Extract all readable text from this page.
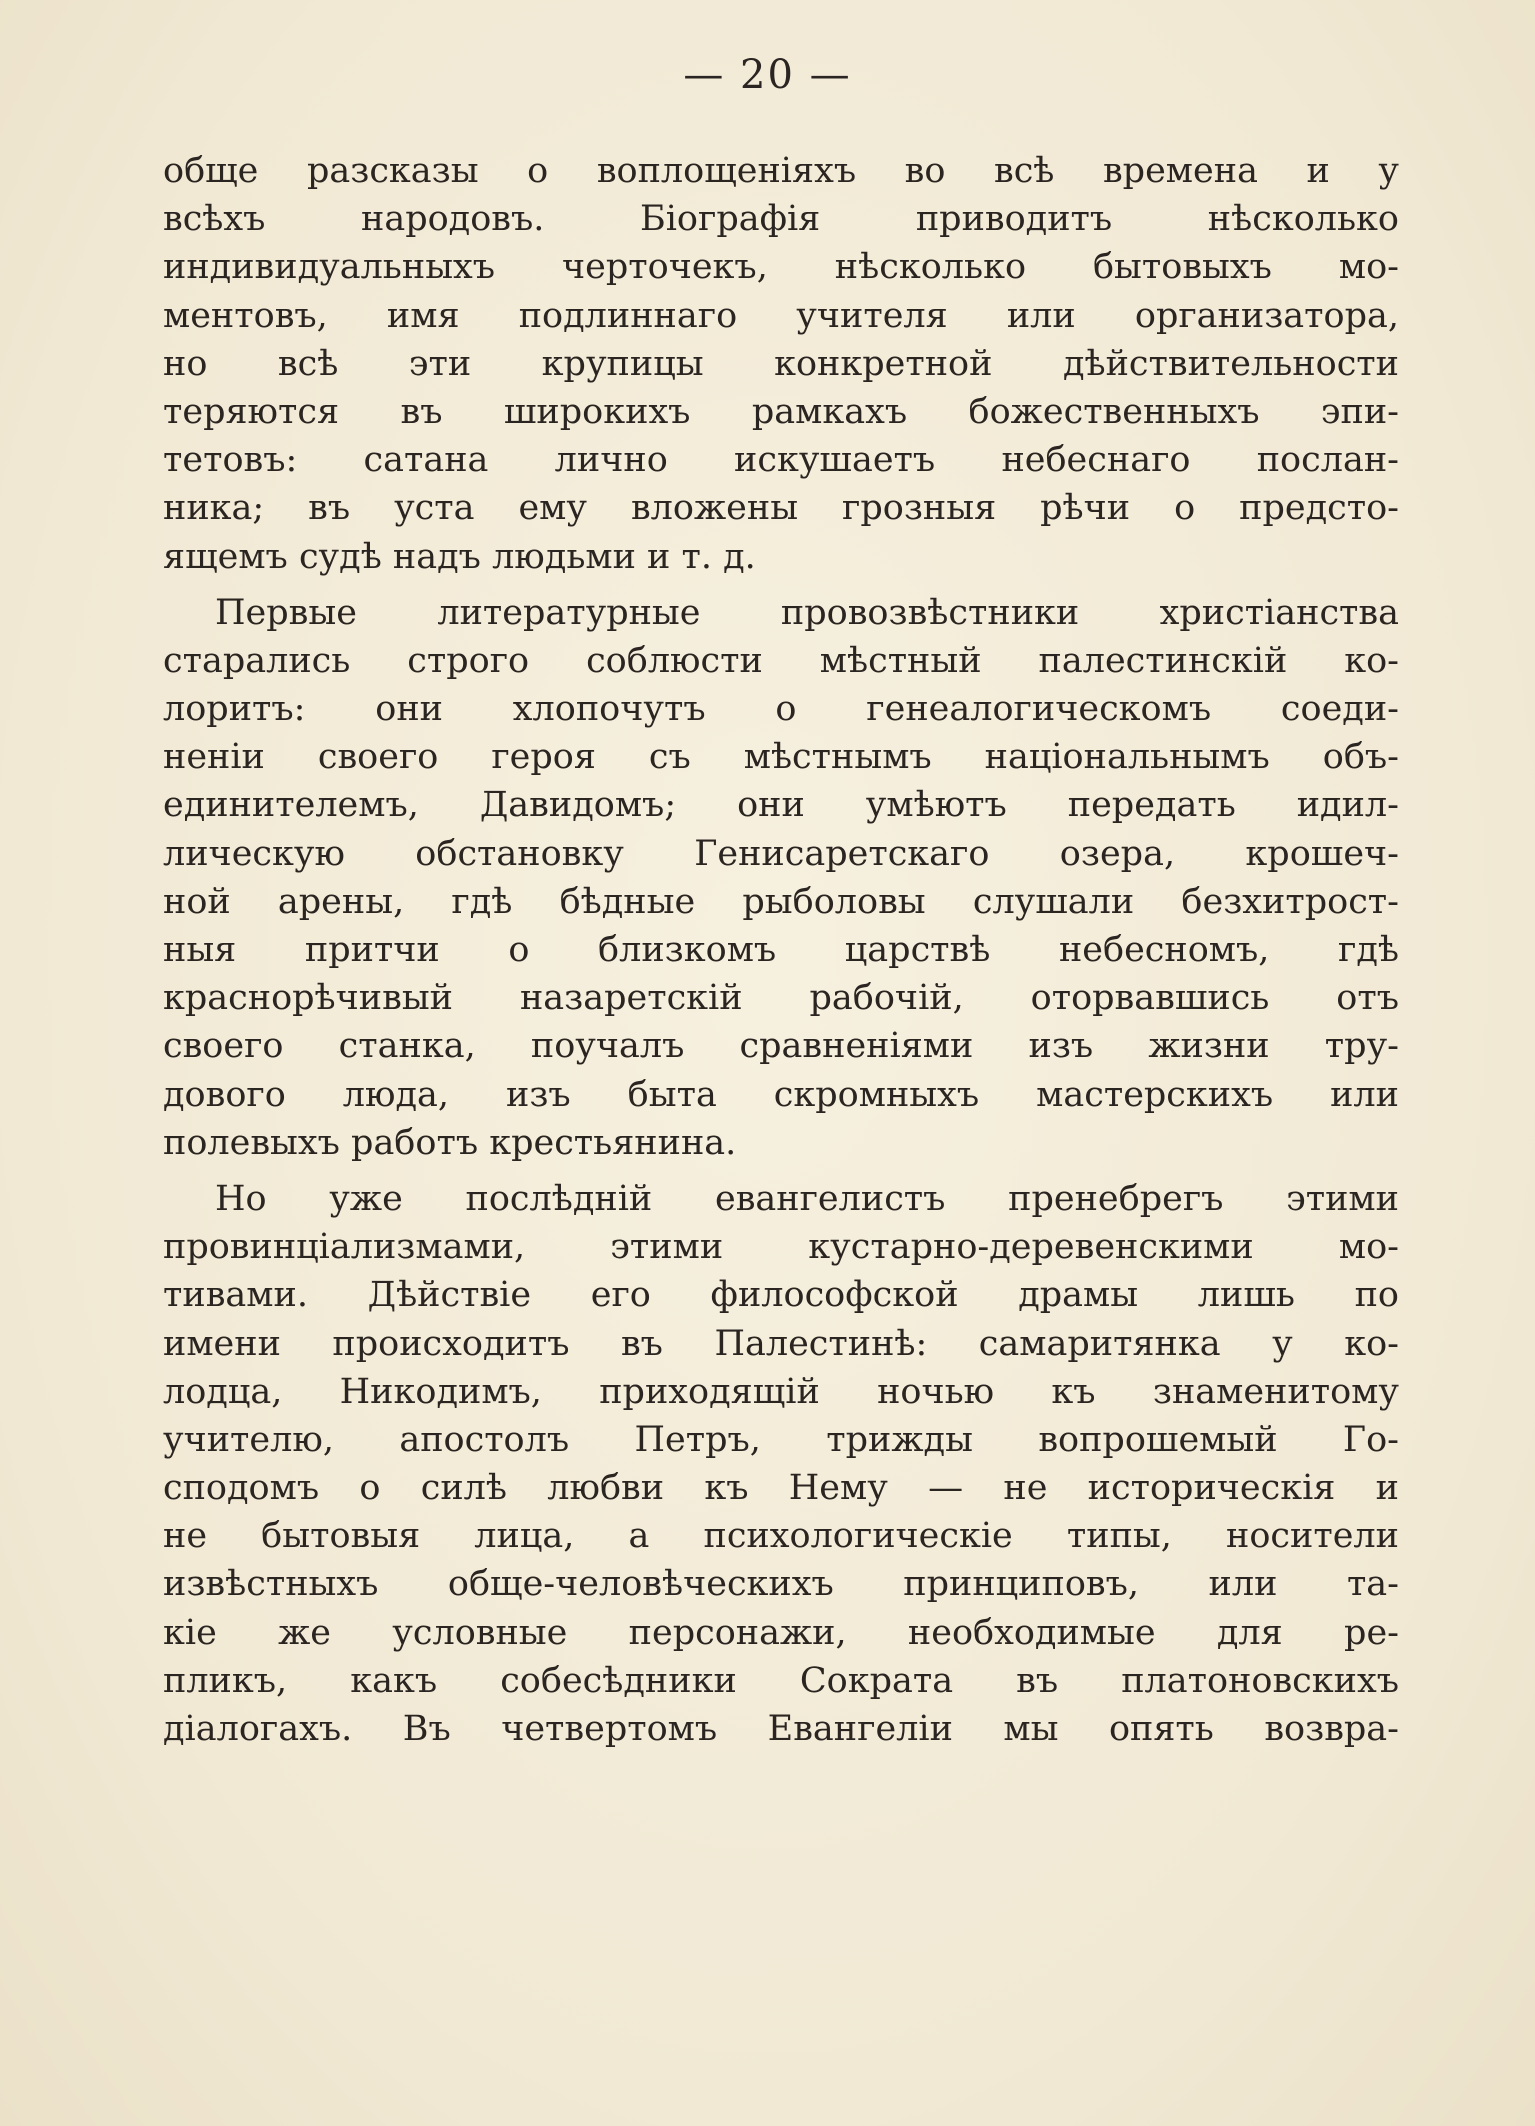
— 20 —
обще разсказы о воплощеніяхъ во всѣ времена и у
всѣхъ народовъ. Біографія приводитъ нѣсколько
индивидуальныхъ черточекъ, нѣсколько бытовыхъ мо-
ментовъ, имя подлиннаго учителя или организатора,
но всѣ эти крупицы конкретной дѣйствительности
теряются въ широкихъ рамкахъ божественныхъ эпи-
тетовъ: сатана лично искушаетъ небеснаго послан-
ника; въ уста ему вложены грозныя рѣчи о предсто-
ящемъ судѣ надъ людьми и т. д.
Первые литературные провозвѣстники христіанства
старались строго соблюсти мѣстный палестинскій ко-
лоритъ: они хлопочутъ о генеалогическомъ соеди-
неніи своего героя съ мѣстнымъ національнымъ объ-
единителемъ, Давидомъ; они умѣютъ передать идил-
лическую обстановку Генисаретскаго озера, крошеч-
ной арены, гдѣ бѣдные рыболовы слушали безхитрост-
ныя притчи о близкомъ царствѣ небесномъ, гдѣ
краснорѣчивый назаретскій рабочій, оторвавшись отъ
своего станка, поучалъ сравненіями изъ жизни тру-
дового люда, изъ быта скромныхъ мастерскихъ или
полевыхъ работъ крестьянина.
Но уже послѣдній евангелистъ пренебрегъ этими
провинціализмами, этими кустарно-деревенскими мо-
тивами. Дѣйствіе его философской драмы лишь по
имени происходитъ въ Палестинѣ: самаритянка у ко-
лодца, Никодимъ, приходящій ночью къ знаменитому
учителю, апостолъ Петръ, трижды вопрошемый Го-
сподомъ о силѣ любви къ Нему — не историческія и
не бытовыя лица, а психологическіе типы, носители
извѣстныхъ обще-человѣческихъ принциповъ, или та-
кіе же условные персонажи, необходимые для ре-
пликъ, какъ собесѣдники Сократа въ платоновскихъ
діалогахъ. Въ четвертомъ Евангеліи мы опять возвра-
